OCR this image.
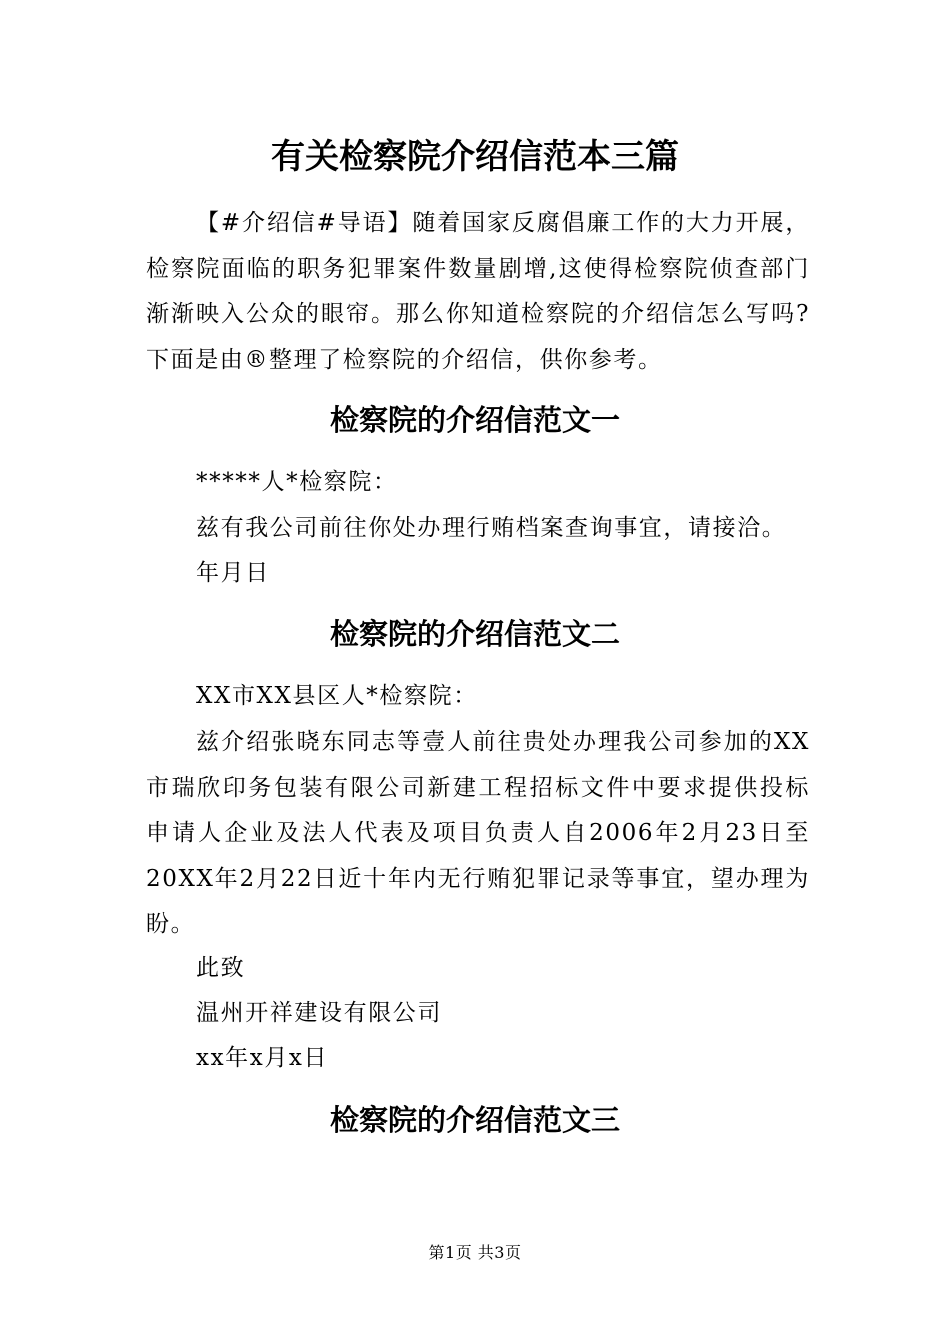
有关检察院介绍信范本三篇

【#介绍信#导语】随着国家反腐倡廉工作的大力开展，检察院面临的职务犯罪案件数量剧增,这使得检察院侦查部门渐渐映入公众的眼帘。那么你知道检察院的介绍信怎么写吗?下面是由®整理了检察院的介绍信，供你参考。

检察院的介绍信范文一

*****人*检察院：

兹有我公司前往你处办理行贿档案查询事宜，请接洽。

年月日

检察院的介绍信范文二

XX市XX县区人*检察院：

兹介绍张晓东同志等壹人前往贵处办理我公司参加的XX市瑞欣印务包装有限公司新建工程招标文件中要求提供投标申请人企业及法人代表及项目负责人自2006年2月23日至20XX年2月22日近十年内无行贿犯罪记录等事宜，望办理为盼。

此致

温州开祥建设有限公司

xx年x月x日

检察院的介绍信范文三
第1页 共3页
